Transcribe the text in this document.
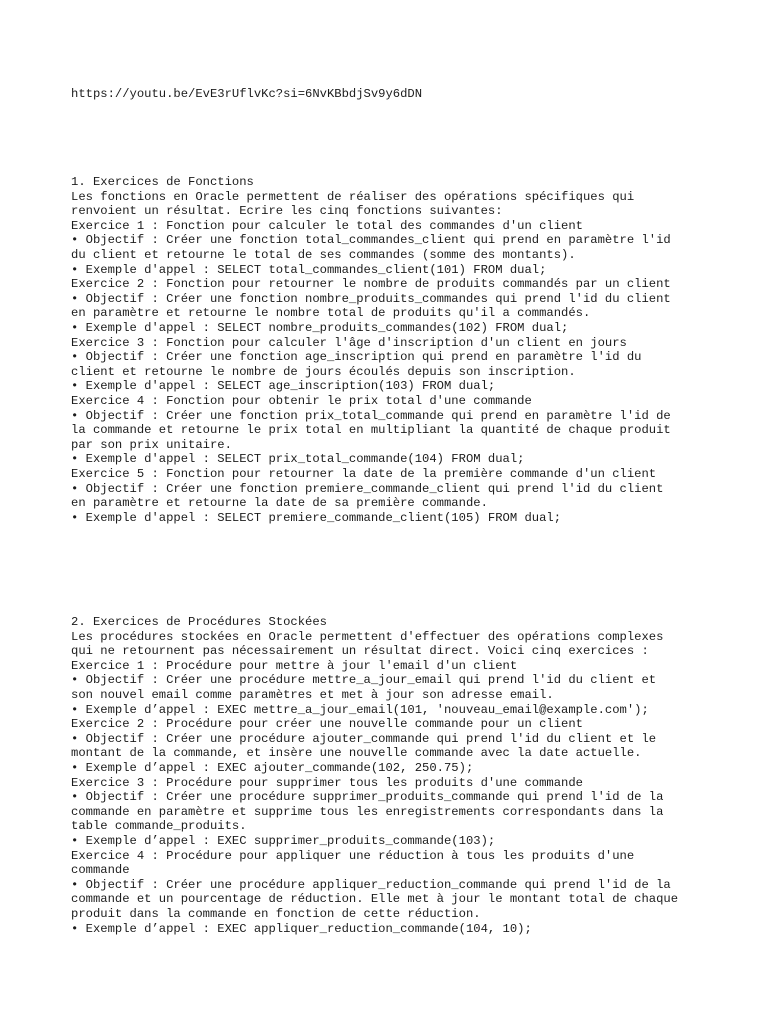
https://youtu.be/EvE3rUflvKc?si=6NvKBbdjSv9y6dDN
1. Exercices de Fonctions
Les fonctions en Oracle permettent de réaliser des opérations spécifiques qui
renvoient un résultat. Ecrire les cinq fonctions suivantes:
Exercice 1 : Fonction pour calculer le total des commandes d'un client
• Objectif : Créer une fonction total_commandes_client qui prend en paramètre l'id
du client et retourne le total de ses commandes (somme des montants).
• Exemple d'appel : SELECT total_commandes_client(101) FROM dual;
Exercice 2 : Fonction pour retourner le nombre de produits commandés par un client
• Objectif : Créer une fonction nombre_produits_commandes qui prend l'id du client
en paramètre et retourne le nombre total de produits qu'il a commandés.
• Exemple d'appel : SELECT nombre_produits_commandes(102) FROM dual;
Exercice 3 : Fonction pour calculer l'âge d'inscription d'un client en jours
• Objectif : Créer une fonction age_inscription qui prend en paramètre l'id du
client et retourne le nombre de jours écoulés depuis son inscription.
• Exemple d'appel : SELECT age_inscription(103) FROM dual;
Exercice 4 : Fonction pour obtenir le prix total d'une commande
• Objectif : Créer une fonction prix_total_commande qui prend en paramètre l'id de
la commande et retourne le prix total en multipliant la quantité de chaque produit
par son prix unitaire.
• Exemple d'appel : SELECT prix_total_commande(104) FROM dual;
Exercice 5 : Fonction pour retourner la date de la première commande d'un client
• Objectif : Créer une fonction premiere_commande_client qui prend l'id du client
en paramètre et retourne la date de sa première commande.
• Exemple d'appel : SELECT premiere_commande_client(105) FROM dual;
2. Exercices de Procédures Stockées
Les procédures stockées en Oracle permettent d'effectuer des opérations complexes
qui ne retournent pas nécessairement un résultat direct. Voici cinq exercices :
Exercice 1 : Procédure pour mettre à jour l'email d'un client
• Objectif : Créer une procédure mettre_a_jour_email qui prend l'id du client et
son nouvel email comme paramètres et met à jour son adresse email.
• Exemple d’appel : EXEC mettre_a_jour_email(101, 'nouveau_email@example.com');
Exercice 2 : Procédure pour créer une nouvelle commande pour un client
• Objectif : Créer une procédure ajouter_commande qui prend l'id du client et le
montant de la commande, et insère une nouvelle commande avec la date actuelle.
• Exemple d’appel : EXEC ajouter_commande(102, 250.75);
Exercice 3 : Procédure pour supprimer tous les produits d'une commande
• Objectif : Créer une procédure supprimer_produits_commande qui prend l'id de la
commande en paramètre et supprime tous les enregistrements correspondants dans la
table commande_produits.
• Exemple d’appel : EXEC supprimer_produits_commande(103);
Exercice 4 : Procédure pour appliquer une réduction à tous les produits d'une
commande
• Objectif : Créer une procédure appliquer_reduction_commande qui prend l'id de la
commande et un pourcentage de réduction. Elle met à jour le montant total de chaque
produit dans la commande en fonction de cette réduction.
• Exemple d’appel : EXEC appliquer_reduction_commande(104, 10);
